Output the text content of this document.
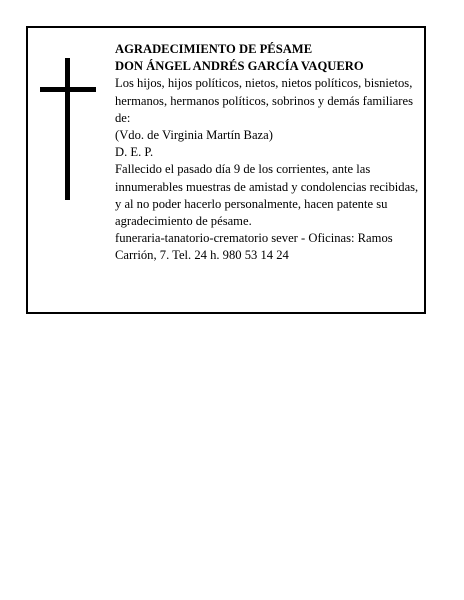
AGRADECIMIENTO DE PÉSAME

DON ÁNGEL ANDRÉS GARCÍA VAQUERO

Los hijos, hijos políticos, nietos, nietos políticos, bisnietos, hermanos, hermanos políticos, sobrinos y demás familiares de:

(Vdo. de Virginia Martín Baza)

D. E. P.

Fallecido el pasado día 9 de los corrientes, ante las innumerables muestras de amistad y condolencias recibidas, y al no poder hacerlo personalmente, hacen patente su agradecimiento de pésame.

funeraria-tanatorio-crematorio sever - Oficinas: Ramos Carrión, 7. Tel. 24 h. 980 53 14 24
